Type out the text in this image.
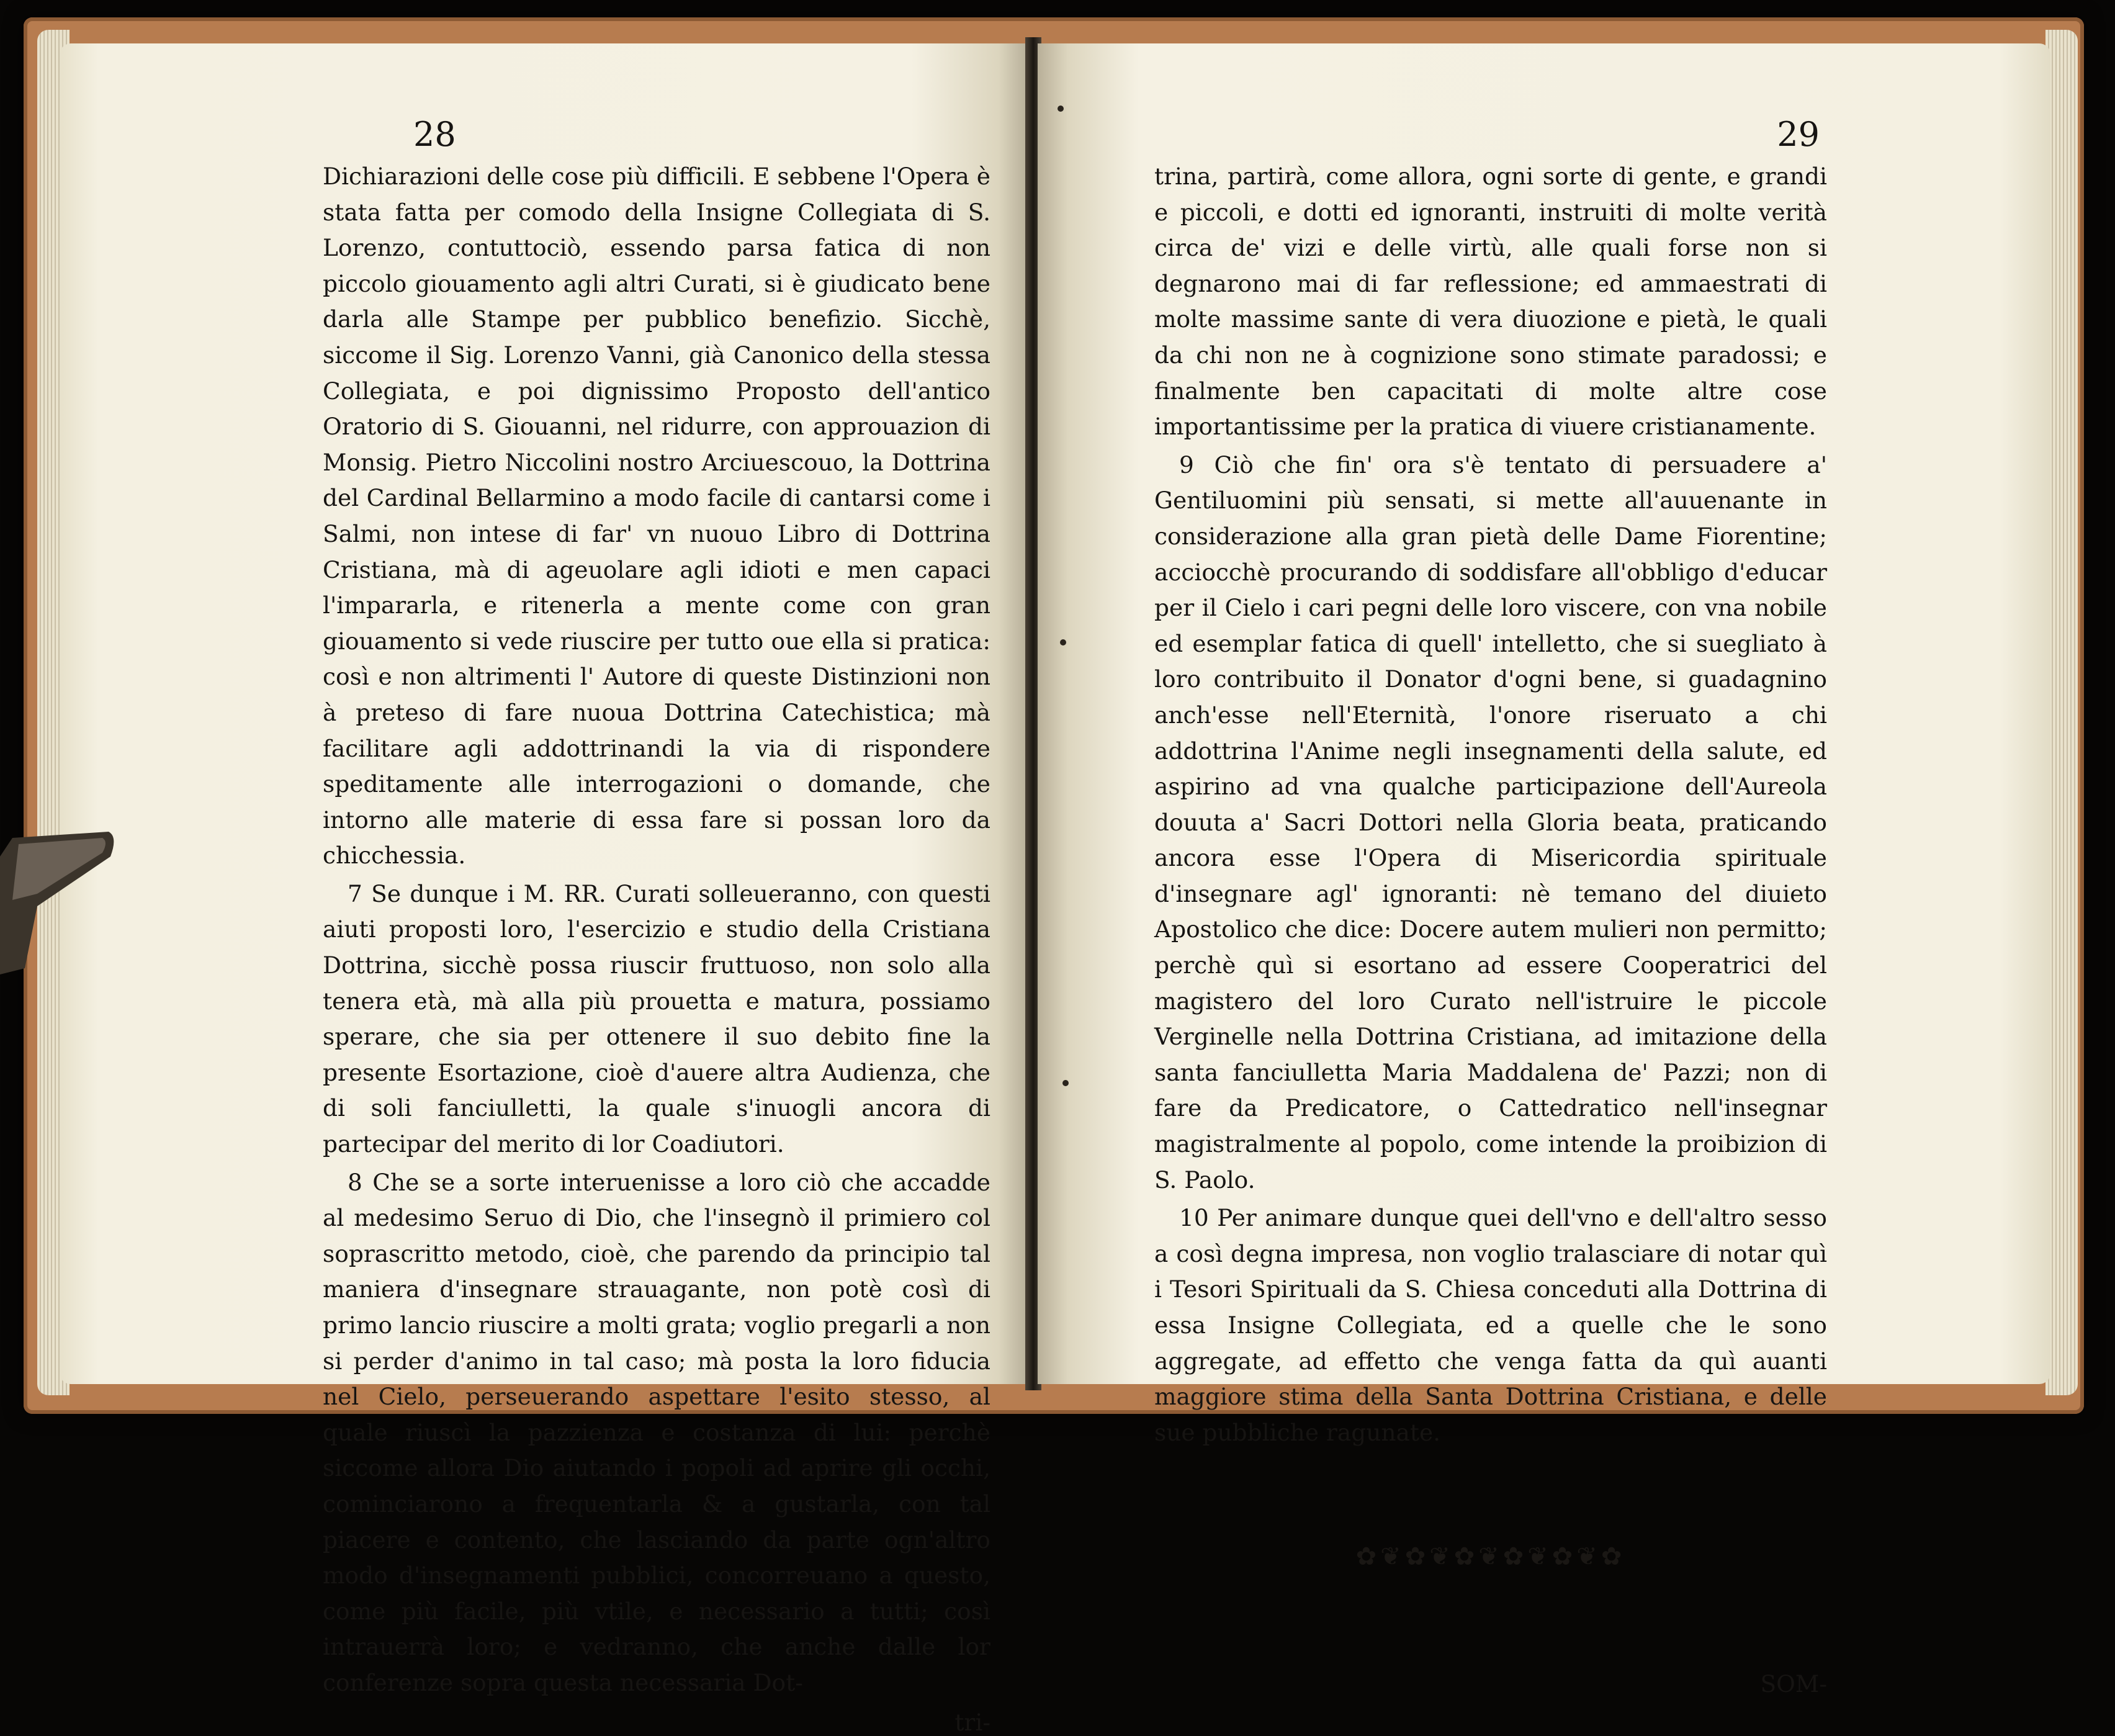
28

Dichiarazioni delle cose più difficili. E sebbene l'Opera è stata fatta per comodo della Insigne Collegiata di S. Lorenzo, contuttociò, essendo parsa fatica di non piccolo giouamento agli altri Curati, si è giudicato bene darla alle Stampe per pubblico benefizio. Sicchè, siccome il Sig. Lorenzo Vanni, già Canonico della stessa Collegiata, e poi dignissimo Proposto dell'antico Oratorio di S. Giouanni, nel ridurre, con approuazion di Monsig. Pietro Niccolini nostro Arciuescouo, la Dottrina del Cardinal Bellarmino a modo facile di cantarsi come i Salmi, non intese di far' vn nuouo Libro di Dottrina Cristiana, mà di ageuolare agli idioti e men capaci l'impararla, e ritenerla a mente come con gran giouamento si vede riuscire per tutto oue ella si pratica: così e non altrimenti l' Autore di queste Distinzioni non à preteso di fare nuoua Dottrina Catechistica; mà facilitare agli addottrinandi la via di rispondere speditamente alle interrogazioni o domande, che intorno alle materie di essa fare si possan loro da chicchessia.

7 Se dunque i M. RR. Curati solleueranno, con questi aiuti proposti loro, l'esercizio e studio della Cristiana Dottrina, sicchè possa riuscir fruttuoso, non solo alla tenera età, mà alla più prouetta e matura, possiamo sperare, che sia per ottenere il suo debito fine la presente Esortazione, cioè d'auere altra Audienza, che di soli fanciulletti, la quale s'inuogli ancora di partecipar del merito di lor Coadiutori.

8 Che se a sorte interuenisse a loro ciò che accadde al medesimo Seruo di Dio, che l'insegnò il primiero col soprascritto metodo, cioè, che parendo da principio tal maniera d'insegnare strauagante, non potè così di primo lancio riuscire a molti grata; voglio pregarli a non si perder d'animo in tal caso; mà posta la loro fiducia nel Cielo, perseuerando aspettare l'esito stesso, al quale riuscì la pazzienza e costanza di lui: perchè siccome allora Dio aiutando i popoli ad aprire gli occhi, cominciarono a frequentarla & a gustarla, con tal piacere e contento, che lasciando da parte ogn'altro modo d'insegnamenti pubblici, concorreuano a questo, come più facile, più vtile, e necessario a tutti; così intrauerrà loro; e vedranno, che anche dalle lor conferenze sopra questa necessaria Dot-

tri-
29

trina, partirà, come allora, ogni sorte di gente, e grandi e piccoli, e dotti ed ignoranti, instruiti di molte verità circa de' vizi e delle virtù, alle quali forse non si degnarono mai di far reflessione; ed ammaestrati di molte massime sante di vera diuozione e pietà, le quali da chi non ne à cognizione sono stimate paradossi; e finalmente ben capacitati di molte altre cose importantissime per la pratica di viuere cristianamente.

9 Ciò che fin' ora s'è tentato di persuadere a' Gentiluomini più sensati, si mette all'auuenante in considerazione alla gran pietà delle Dame Fiorentine; acciocchè procurando di soddisfare all'obbligo d'educar per il Cielo i cari pegni delle loro viscere, con vna nobile ed esemplar fatica di quell' intelletto, che si suegliato à loro contribuito il Donator d'ogni bene, si guadagnino anch'esse nell'Eternità, l'onore riseruato a chi addottrina l'Anime negli insegnamenti della salute, ed aspirino ad vna qualche participazione dell'Aureola douuta a' Sacri Dottori nella Gloria beata, praticando ancora esse l'Opera di Misericordia spirituale d'insegnare agl' ignoranti: nè temano del diuieto Apostolico che dice: Docere autem mulieri non permitto; perchè quì si esortano ad essere Cooperatrici del magistero del loro Curato nell'istruire le piccole Verginelle nella Dottrina Cristiana, ad imitazione della santa fanciulletta Maria Maddalena de' Pazzi; non di fare da Predicatore, o Cattedratico nell'insegnar magistralmente al popolo, come intende la proibizion di S. Paolo.

10 Per animare dunque quei dell'vno e dell'altro sesso a così degna impresa, non voglio tralasciare di notar quì i Tesori Spirituali da S. Chiesa conceduti alla Dottrina di essa Insigne Collegiata, ed a quelle che le sono aggregate, ad effetto che venga fatta da quì auanti maggiore stima della Santa Dottrina Cristiana, e delle sue pubbliche ragunate.

✿❦✿❦✿❦✿❦✿❦✿
SOM-
